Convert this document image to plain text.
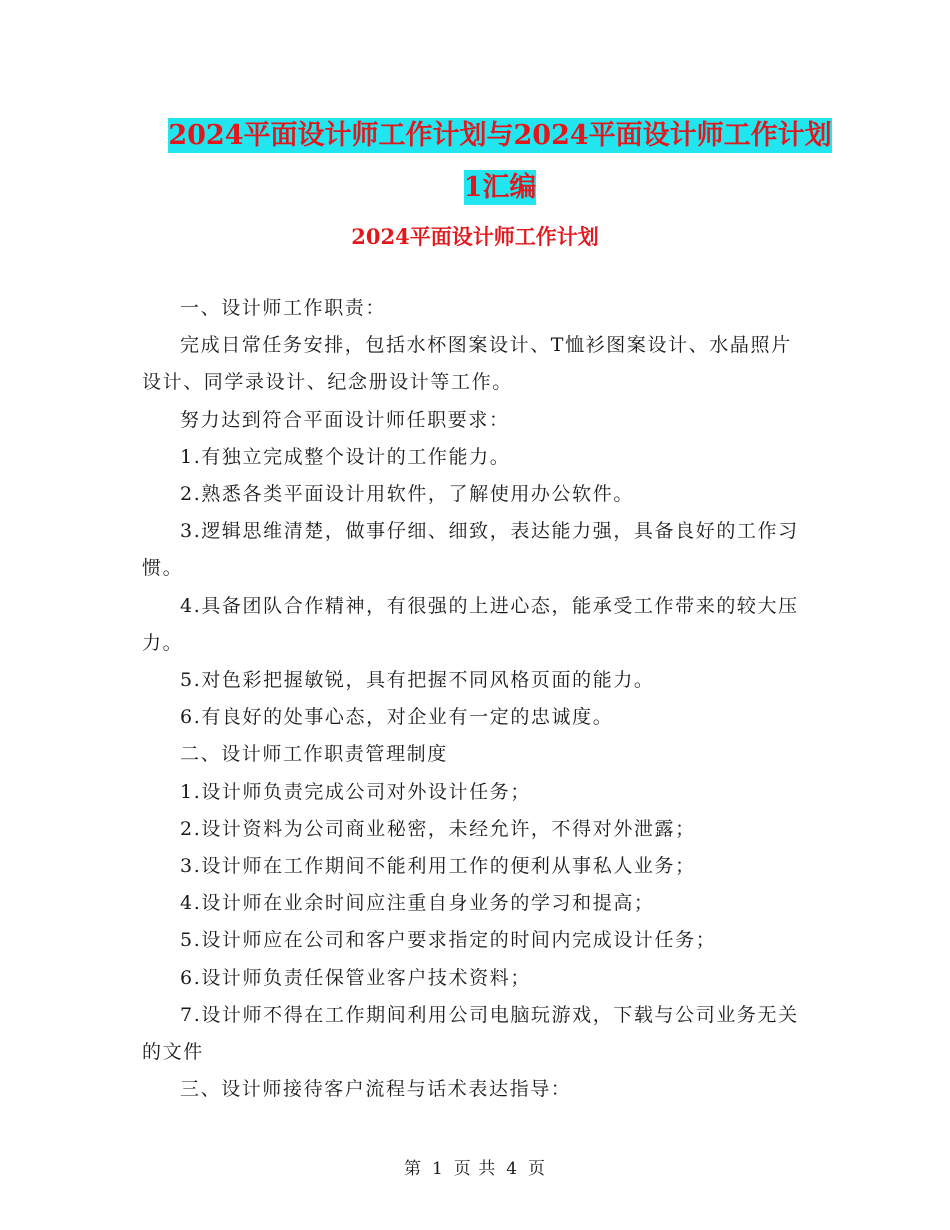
2024平面设计师工作计划与2024平面设计师工作计划
1汇编
2024平面设计师工作计划

一、设计师工作职责：

完成日常任务安排，包括水杯图案设计、T恤衫图案设计、水晶照片设计、同学录设计、纪念册设计等工作。

努力达到符合平面设计师任职要求：

1.有独立完成整个设计的工作能力。

2.熟悉各类平面设计用软件，了解使用办公软件。

3.逻辑思维清楚，做事仔细、细致，表达能力强，具备良好的工作习惯。

4.具备团队合作精神，有很强的上进心态，能承受工作带来的较大压力。

5.对色彩把握敏锐，具有把握不同风格页面的能力。

6.有良好的处事心态，对企业有一定的忠诚度。

二、设计师工作职责管理制度

1.设计师负责完成公司对外设计任务；

2.设计资料为公司商业秘密，未经允许，不得对外泄露；

3.设计师在工作期间不能利用工作的便利从事私人业务；

4.设计师在业余时间应注重自身业务的学习和提高；

5.设计师应在公司和客户要求指定的时间内完成设计任务；

6.设计师负责任保管业客户技术资料；

7.设计师不得在工作期间利用公司电脑玩游戏，下载与公司业务无关的文件

三、设计师接待客户流程与话术表达指导：

第 1 页 共 4 页
